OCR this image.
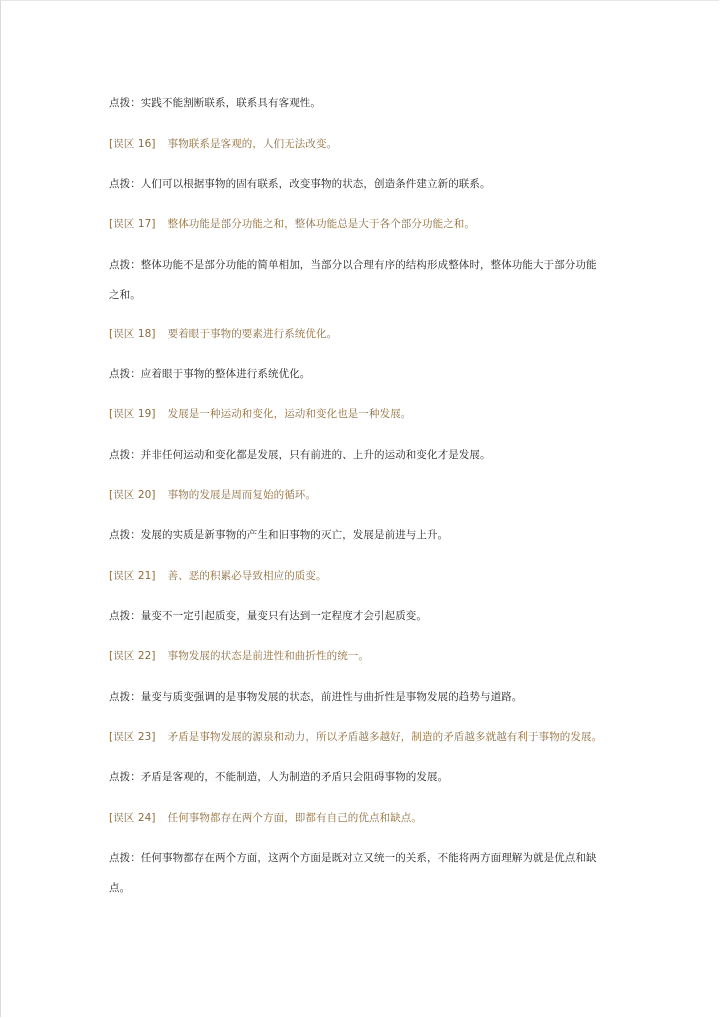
点拨：实践不能割断联系，联系具有客观性。
[误区 16] 事物联系是客观的，人们无法改变。
点拨：人们可以根据事物的固有联系，改变事物的状态，创造条件建立新的联系。
[误区 17] 整体功能是部分功能之和，整体功能总是大于各个部分功能之和。
点拨：整体功能不是部分功能的简单相加，当部分以合理有序的结构形成整体时，整体功能大于部分功能
之和。
[误区 18] 要着眼于事物的要素进行系统优化。
点拨：应着眼于事物的整体进行系统优化。
[误区 19] 发展是一种运动和变化，运动和变化也是一种发展。
点拨：并非任何运动和变化都是发展，只有前进的、上升的运动和变化才是发展。
[误区 20] 事物的发展是周而复始的循环。
点拨：发展的实质是新事物的产生和旧事物的灭亡，发展是前进与上升。
[误区 21] 善、恶的积累必导致相应的质变。
点拨：量变不一定引起质变，量变只有达到一定程度才会引起质变。
[误区 22] 事物发展的状态是前进性和曲折性的统一。
点拨：量变与质变强调的是事物发展的状态，前进性与曲折性是事物发展的趋势与道路。
[误区 23] 矛盾是事物发展的源泉和动力，所以矛盾越多越好，制造的矛盾越多就越有利于事物的发展。
点拨：矛盾是客观的，不能制造，人为制造的矛盾只会阻碍事物的发展。
[误区 24] 任何事物都存在两个方面，即都有自己的优点和缺点。
点拨：任何事物都存在两个方面，这两个方面是既对立又统一的关系，不能将两方面理解为就是优点和缺
点。
